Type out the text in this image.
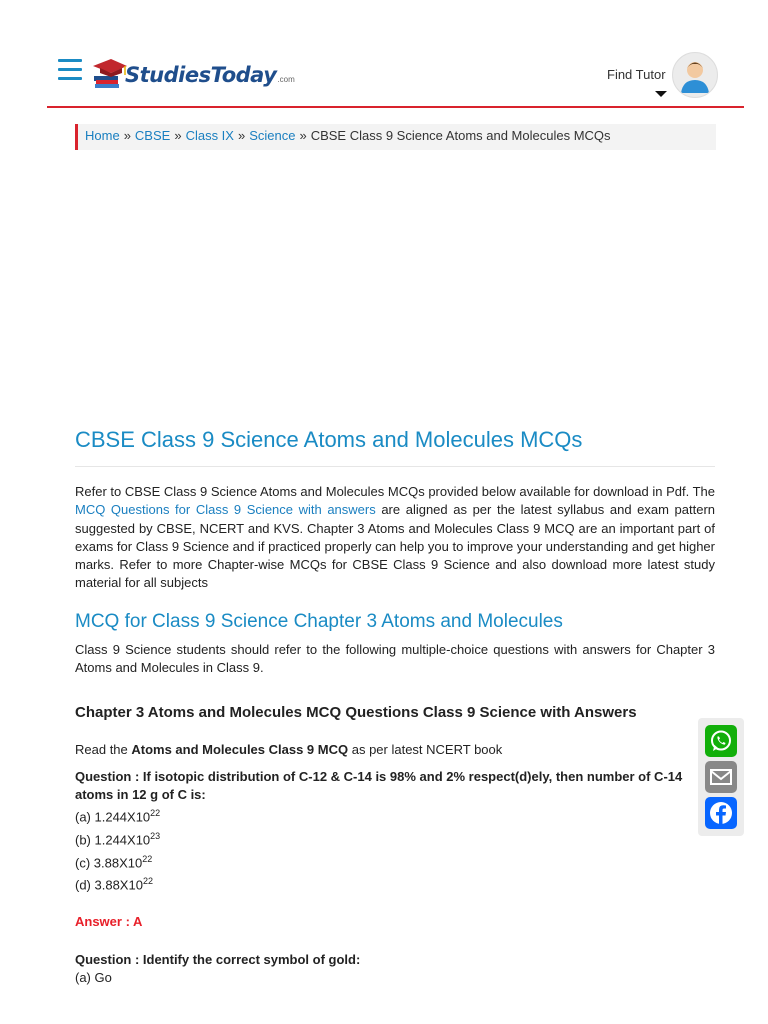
StudiesToday .com	Find Tutor
Home » CBSE » Class IX » Science » CBSE Class 9 Science Atoms and Molecules MCQs
CBSE Class 9 Science Atoms and Molecules MCQs

Refer to CBSE Class 9 Science Atoms and Molecules MCQs provided below available for download in Pdf. The MCQ Questions for Class 9 Science with answers are aligned as per the latest syllabus and exam pattern suggested by CBSE, NCERT and KVS. Chapter 3 Atoms and Molecules Class 9 MCQ are an important part of exams for Class 9 Science and if practiced properly can help you to improve your understanding and get higher marks. Refer to more Chapter-wise MCQs for CBSE Class 9 Science and also download more latest study material for all subjects

MCQ for Class 9 Science Chapter 3 Atoms and Molecules

Class 9 Science students should refer to the following multiple-choice questions with answers for Chapter 3 Atoms and Molecules in Class 9.

Chapter 3 Atoms and Molecules MCQ Questions Class 9 Science with Answers

Read the Atoms and Molecules Class 9 MCQ as per latest NCERT book

Question : If isotopic distribution of C-12 & C-14 is 98% and 2% respect(d)ely, then number of C-14 atoms in 12 g of C is:
(a) $1.244X10^{22}$
(b) $1.244X10^{23}$
(c) $3.88X10^{22}$
(d) $3.88X10^{22}$
Answer : A
Question : Identify the correct symbol of gold:
(a) Go
